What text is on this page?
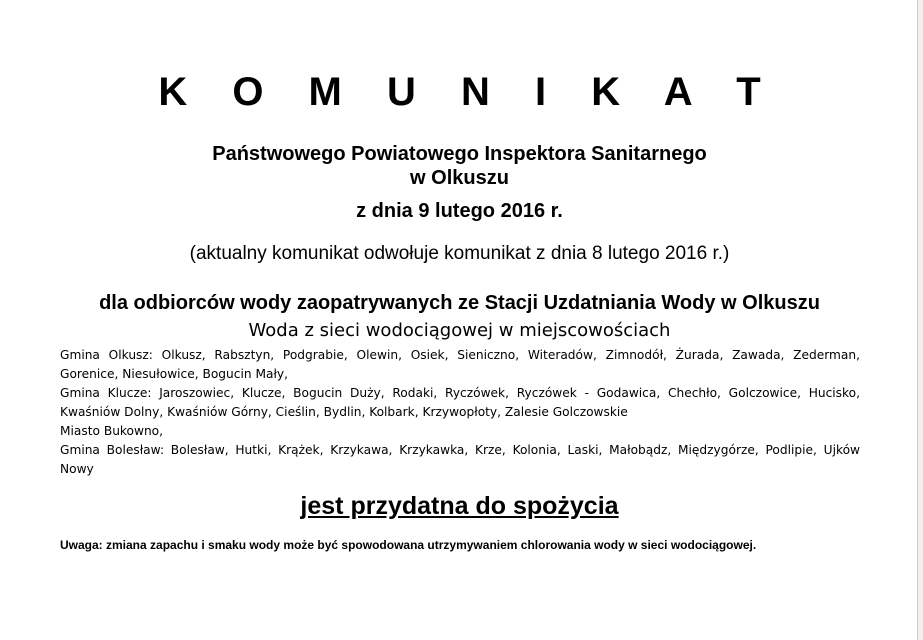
K O M U N I K A T
Państwowego Powiatowego Inspektora Sanitarnego
w Olkuszu
z dnia 9 lutego 2016 r.
(aktualny komunikat odwołuje komunikat z dnia 8 lutego 2016 r.)
dla odbiorców wody zaopatrywanych ze Stacji Uzdatniania Wody w Olkuszu
Woda z sieci wodociągowej w miejscowościach

Gmina Olkusz: Olkusz, Rabsztyn, Podgrabie, Olewin, Osiek, Sieniczno, Witeradów, Zimnodół, Żurada, Zawada, Zederman, Gorenice, Niesułowice, Bogucin Mały,

Gmina Klucze: Jaroszowiec, Klucze, Bogucin Duży, Rodaki, Ryczówek, Ryczówek - Godawica, Chechło, Golczowice, Hucisko, Kwaśniów Dolny, Kwaśniów Górny, Cieślin, Bydlin, Kolbark, Krzywopłoty, Zalesie Golczowskie

Miasto Bukowno,

Gmina Bolesław: Bolesław, Hutki, Krążek, Krzykawa, Krzykawka, Krze, Kolonia, Laski, Małobądz, Międzygórze, Podlipie, Ujków Nowy

jest przydatna do spożycia
Uwaga: zmiana zapachu i smaku wody może być spowodowana utrzymywaniem chlorowania wody w sieci wodociągowej.
